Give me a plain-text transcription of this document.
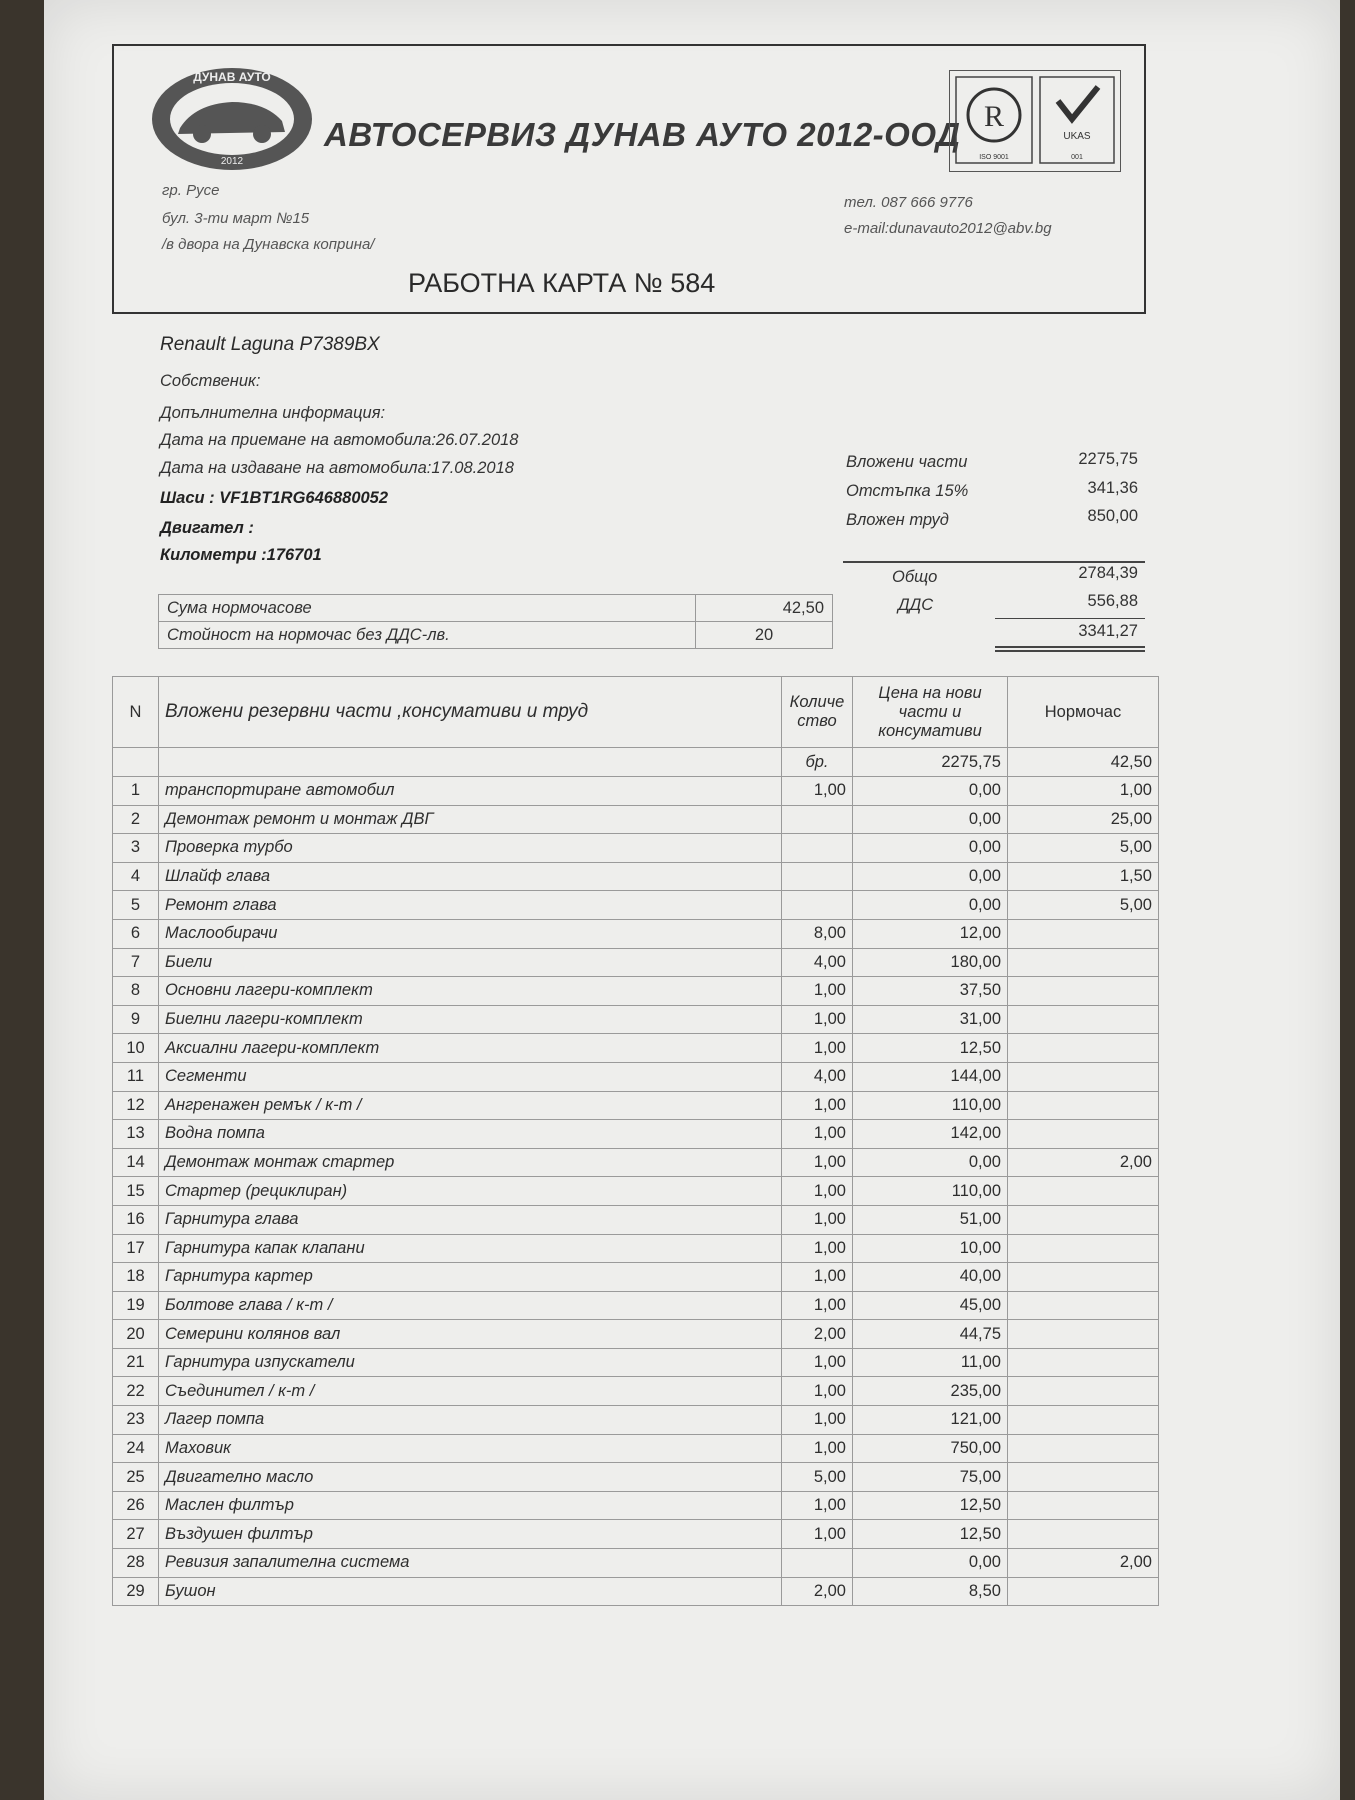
ДУНАВ АУТО
2012
АВТОСЕРВИЗ ДУНАВ АУТО 2012-ООД R
ISO 9001
UKAS
001
гр. Русе
бул. 3-ти март №15
/в двора на Дунавска коприна/
тел. 087 666 9776
e-mail:dunavauto2012@abv.bg
РАБОТНА КАРТА № 584
Renault Laguna P7389BX
Собственик:
Допълнителна информация:
Дата на приемане на автомобила:26.07.2018
Дата на издаване на автомобила:17.08.2018
Шаси : VF1BT1RG646880052
Двигател :
Километри :176701
Вложени части	2275,75
Отстъпка 15%	341,36
Вложен труд	850,00
Общо	2784,39
ДДС	556,88
3341,27
Сума нормочасове	42,50
Стойност на нормочас без ДДС-лв.	20
N	Вложени резервни части ,консумативи и труд	Количе ство	Цена на нови части и консумативи	Нормочас
		бр.	2275,75	42,50
1	транспортиране автомобил	1,00	0,00	1,00
2	Демонтаж ремонт и монтаж ДВГ		0,00	25,00
3	Проверка турбо		0,00	5,00
4	Шлайф глава		0,00	1,50
5	Ремонт глава		0,00	5,00
6	Маслообирачи	8,00	12,00	
7	Биели	4,00	180,00	
8	Основни лагери-комплект	1,00	37,50	
9	Биелни лагери-комплект	1,00	31,00	
10	Аксиални лагери-комплект	1,00	12,50	
11	Сегменти	4,00	144,00	
12	Ангренажен ремък / к-т /	1,00	110,00	
13	Водна помпа	1,00	142,00	
14	Демонтаж монтаж стартер	1,00	0,00	2,00
15	Стартер (рециклиран)	1,00	110,00	
16	Гарнитура глава	1,00	51,00	
17	Гарнитура капак клапани	1,00	10,00	
18	Гарнитура картер	1,00	40,00	
19	Болтове глава / к-т /	1,00	45,00	
20	Семерини колянов вал	2,00	44,75	
21	Гарнитура изпускатели	1,00	11,00	
22	Съединител / к-т /	1,00	235,00	
23	Лагер помпа	1,00	121,00	
24	Маховик	1,00	750,00	
25	Двигателно масло	5,00	75,00	
26	Маслен филтър	1,00	12,50	
27	Въздушен филтър	1,00	12,50	
28	Ревизия запалителна система		0,00	2,00
29	Бушон	2,00	8,50	
